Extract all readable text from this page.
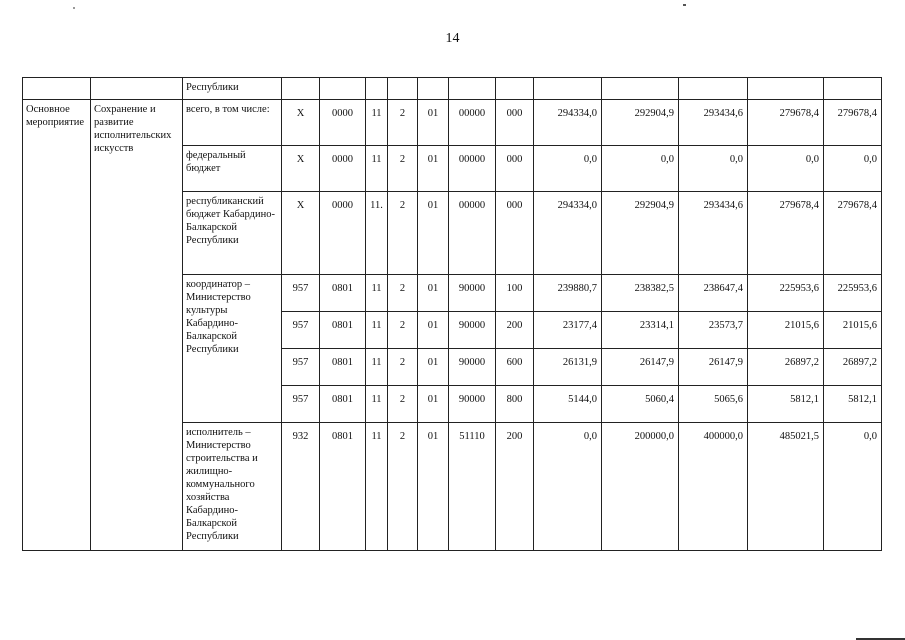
14
		Республики												
Основное мероприятие	Сохранение и развитие исполнительских искусств	всего, в том числе:	Х	0000	11	2	01	00000	000	294334,0	292904,9	293434,6	279678,4	279678,4
		федеральный бюджет	Х	0000	11	2	01	00000	000	0,0	0,0	0,0	0,0	0,0
		республиканский бюджет Кабардино-Балкарской Республики	Х	0000	11.	2	01	00000	000	294334,0	292904,9	293434,6	279678,4	279678,4
		координатор – Министерство культуры Кабардино-Балкарской Республики	957	0801	11	2	01	90000	100	239880,7	238382,5	238647,4	225953,6	225953,6
			957	0801	11	2	01	90000	200	23177,4	23314,1	23573,7	21015,6	21015,6
			957	0801	11	2	01	90000	600	26131,9	26147,9	26147,9	26897,2	26897,2
			957	0801	11	2	01	90000	800	5144,0	5060,4	5065,6	5812,1	5812,1
		исполнитель – Министерство строительства и жилищно-коммунального хозяйства Кабардино-Балкарской Республики	932	0801	11	2	01	51110	200	0,0	200000,0	400000,0	485021,5	0,0
